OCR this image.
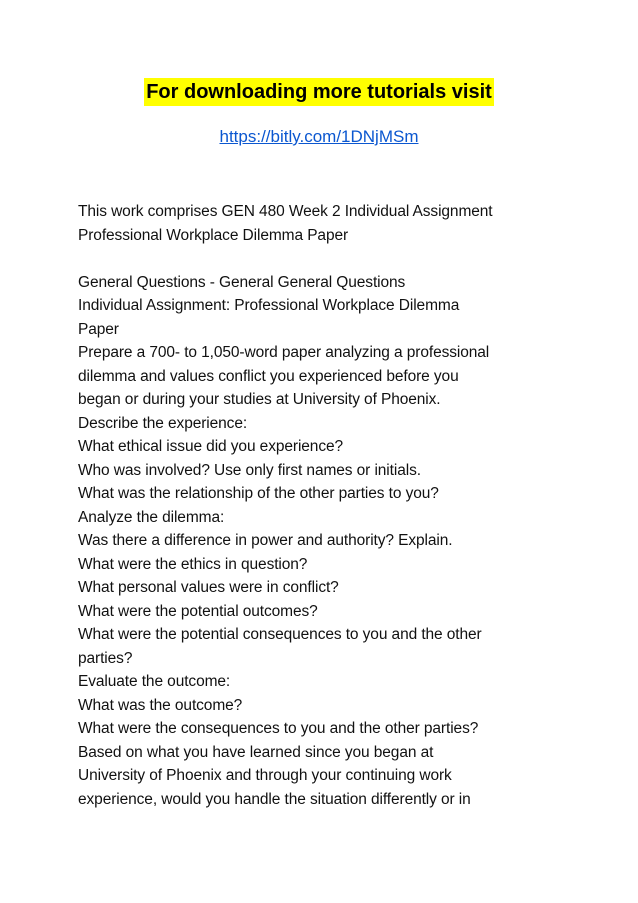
For downloading more tutorials visit
https://bitly.com/1DNjMSm
This work comprises GEN 480 Week 2 Individual Assignment
Professional Workplace Dilemma Paper
General Questions - General General Questions
Individual Assignment: Professional Workplace Dilemma
Paper
Prepare a 700- to 1,050-word paper analyzing a professional
dilemma and values conflict you experienced before you
began or during your studies at University of Phoenix.
Describe the experience:
What ethical issue did you experience?
Who was involved? Use only first names or initials.
What was the relationship of the other parties to you?
Analyze the dilemma:
Was there a difference in power and authority? Explain.
What were the ethics in question?
What personal values were in conflict?
What were the potential outcomes?
What were the potential consequences to you and the other
parties?
Evaluate the outcome:
What was the outcome?
What were the consequences to you and the other parties?
Based on what you have learned since you began at
University of Phoenix and through your continuing work
experience, would you handle the situation differently or in
